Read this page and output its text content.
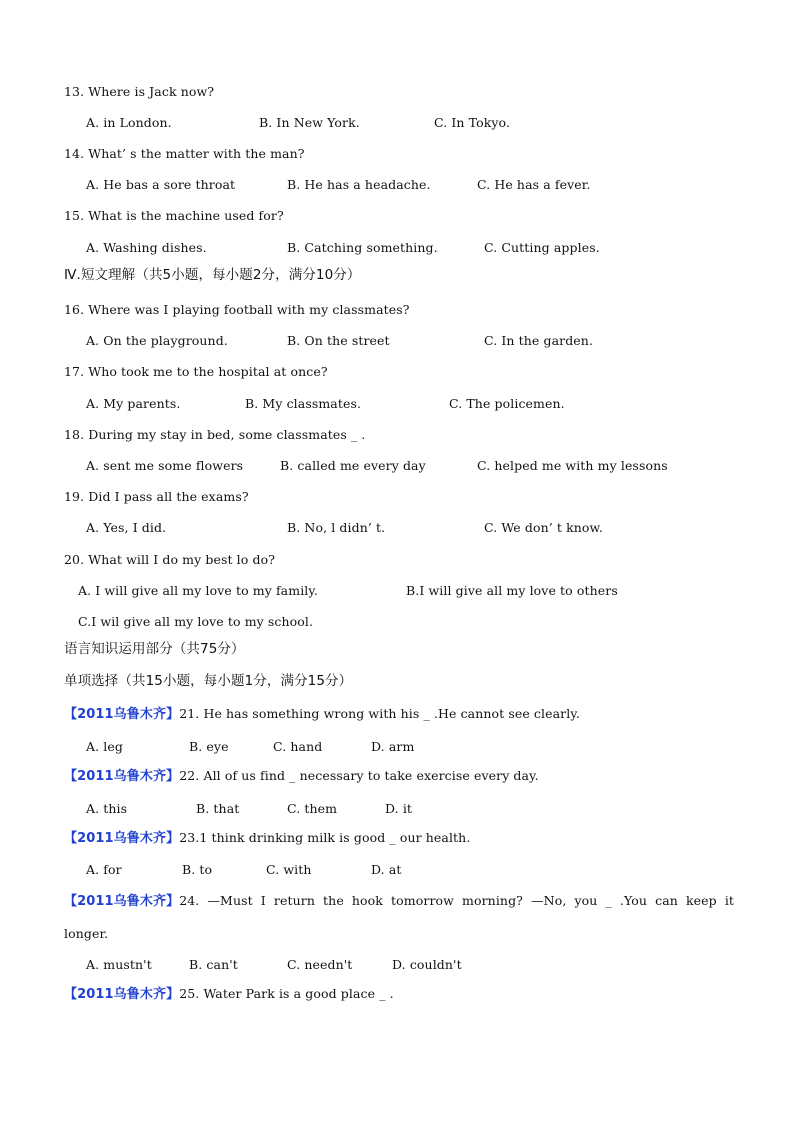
13. Where is Jack now?
A. in London.	B. In New York.	C. In Tokyo.
14. What’ s the matter with the man?
A. He bas a sore throat	B. He has a headache.	C. He has a fever.
15. What is the machine used for?
A. Washing dishes.	B. Catching something.	C. Cutting apples.
Ⅳ.短文理解（共5小题，每小题2分，满分10分）
16. Where was I playing football with my classmates?
A. On the playground.	B. On the street	C. In the garden.
17. Who took me to the hospital at once?
A. My parents.	B. My classmates.	C. The policemen.
18. During my stay in bed, some classmates _ .
A. sent me some flowers	B. called me every day	C. helped me with my lessons
19. Did I pass all the exams?
A. Yes, I did.	B. No, l didn’ t.	C. We don’ t know.
20. What will I do my best lo do?
A. I will give all my love to my family.	B.I will give all my love to others
C.I wil give all my love to my school.
语言知识运用部分（共75分）
单项选择（共15小题，每小题1分，满分15分）
【2011乌鲁木齐】21. He has something wrong with his _ .He cannot see clearly.
A. leg	B. eye	C. hand	D. arm
【2011乌鲁木齐】22. All of us find _ necessary to take exercise every day.
A. this	B. that	C. them	D. it
【2011乌鲁木齐】23.1 think drinking milk is good _ our health.
A. for	B. to	C. with	D. at
【2011乌鲁木齐】24. —Must I return the hook tomorrow morning? —No, you _ .You can keep it
longer.
A. mustn't	B. can't	C. needn't	D. couldn't
【2011乌鲁木齐】25. Water Park is a good place _ .
